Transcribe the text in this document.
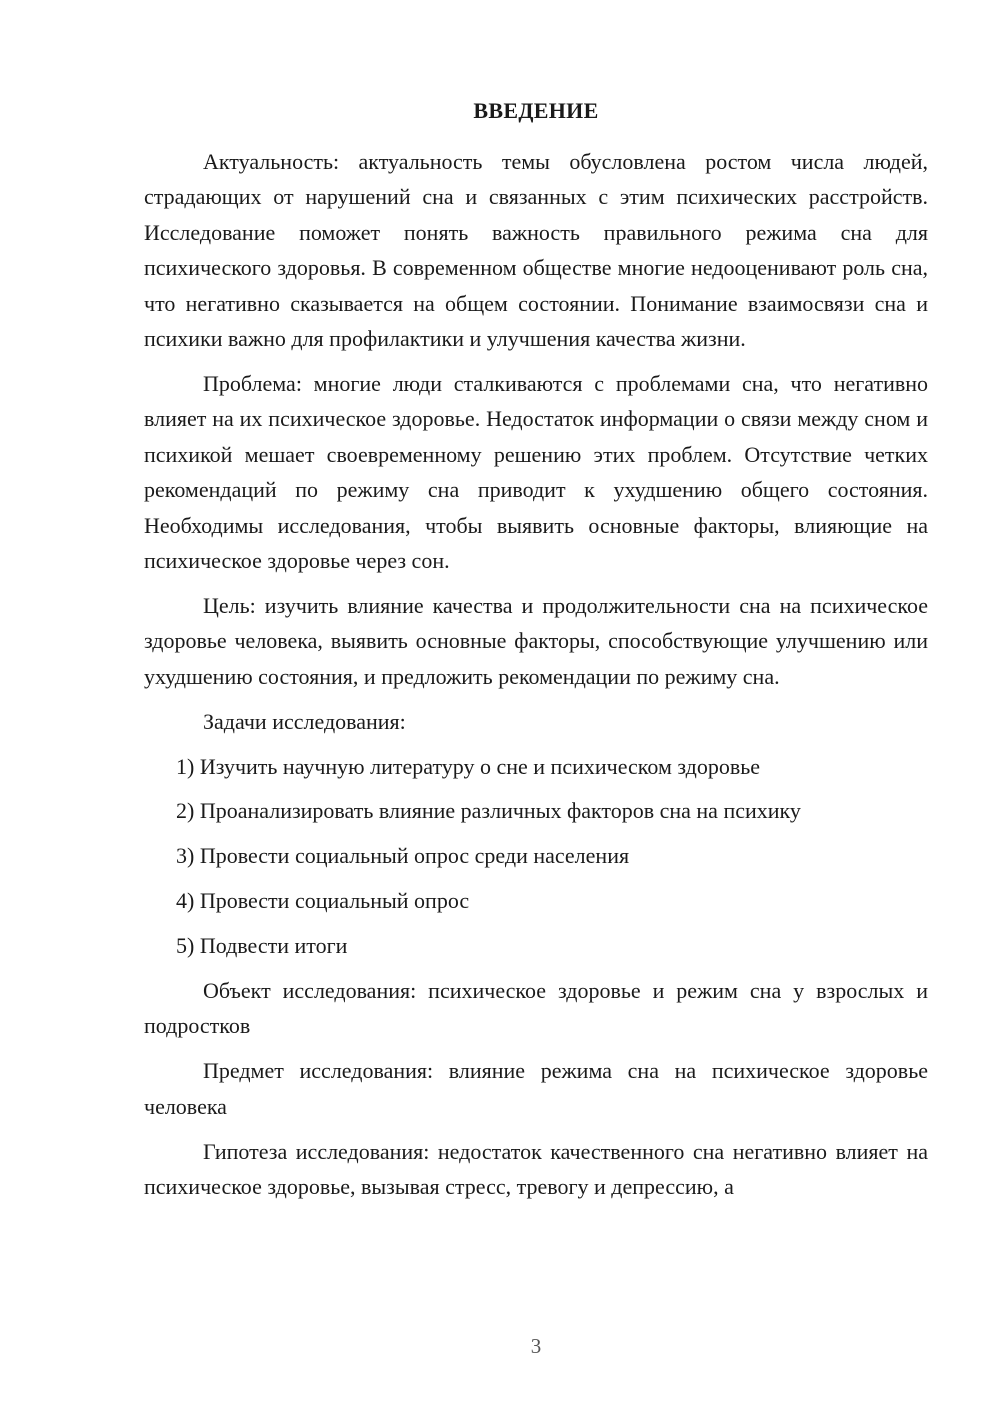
ВВЕДЕНИЕ

Актуальность: актуальность темы обусловлена ростом числа людей, страдающих от нарушений сна и связанных с этим психических расстройств. Исследование поможет понять важность правильного режима сна для психического здоровья. В современном обществе многие недооценивают роль сна, что негативно сказывается на общем состоянии. Понимание взаимосвязи сна и психики важно для профилактики и улучшения качества жизни.

Проблема: многие люди сталкиваются с проблемами сна, что негативно влияет на их психическое здоровье. Недостаток информации о связи между сном и психикой мешает своевременному решению этих проблем. Отсутствие четких рекомендаций по режиму сна приводит к ухудшению общего состояния. Необходимы исследования, чтобы выявить основные факторы, влияющие на психическое здоровье через сон.

Цель: изучить влияние качества и продолжительности сна на психическое здоровье человека, выявить основные факторы, способствующие улучшению или ухудшению состояния, и предложить рекомендации по режиму сна.

Задачи исследования:

1) Изучить научную литературу о сне и психическом здоровье

2) Проанализировать влияние различных факторов сна на психику

3) Провести социальный опрос среди населения

4) Провести социальный опрос

5) Подвести итоги

Объект исследования: психическое здоровье и режим сна у взрослых и подростков

Предмет исследования: влияние режима сна на психическое здоровье человека

Гипотеза исследования: недостаток качественного сна негативно влияет на психическое здоровье, вызывая стресс, тревогу и депрессию, а

3
